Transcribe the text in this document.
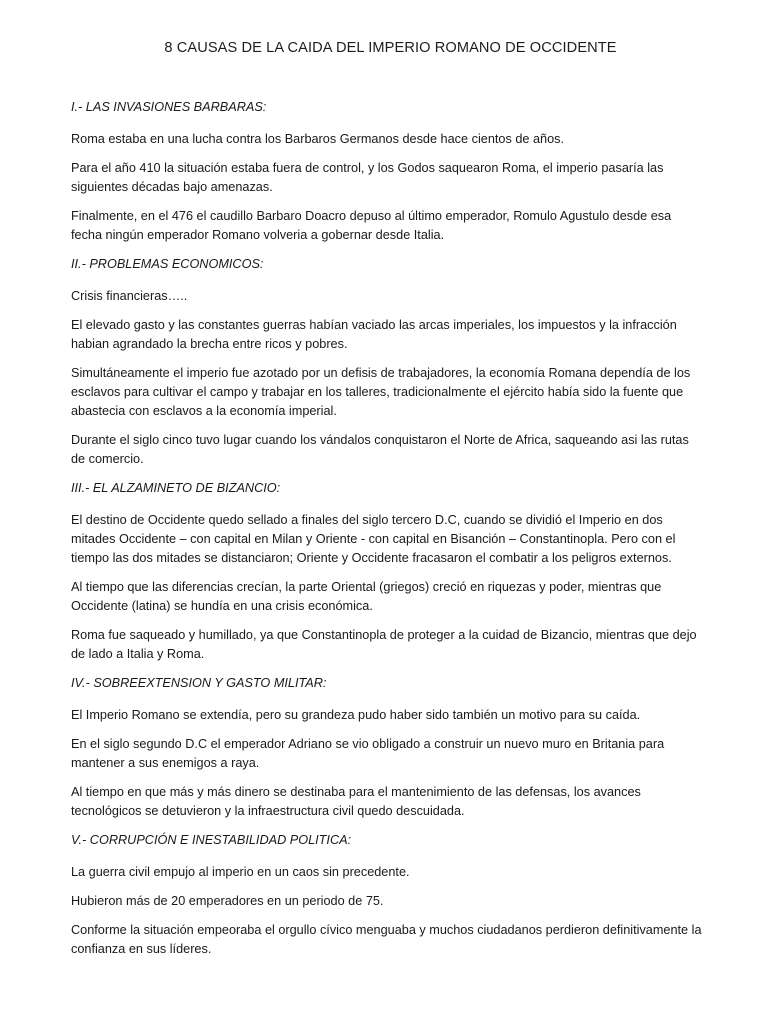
8 CAUSAS DE LA CAIDA DEL IMPERIO ROMANO DE OCCIDENTE

I.- LAS INVASIONES BARBARAS:

Roma estaba en una lucha contra los Barbaros Germanos desde hace cientos de años.

Para el año 410 la situación estaba fuera de control, y los Godos saquearon Roma, el imperio pasaría las siguientes décadas bajo amenazas.

Finalmente, en el 476 el caudillo Barbaro Doacro depuso al último emperador, Romulo Agustulo desde esa fecha ningún emperador Romano volveria a gobernar desde Italia.

II.- PROBLEMAS ECONOMICOS:

Crisis financieras…..

El elevado gasto y las constantes guerras habían vaciado las arcas imperiales, los impuestos y la infracción habian agrandado la brecha entre ricos y pobres.

Simultáneamente el imperio fue azotado por un defisis de trabajadores, la economía Romana dependía de los esclavos para cultivar el campo y trabajar en los talleres, tradicionalmente el ejército había sido la fuente que abastecia con esclavos a la economía imperial.

Durante el siglo cinco tuvo lugar cuando los vándalos conquistaron el Norte de Africa, saqueando asi las rutas de comercio.

III.- EL ALZAMINETO DE BIZANCIO:

El destino de Occidente quedo sellado a finales del siglo tercero D.C, cuando se dividió el Imperio en dos mitades Occidente – con capital en Milan y Oriente - con capital en Bisanción – Constantinopla. Pero con el tiempo las dos mitades se distanciaron; Oriente y Occidente fracasaron el combatir a los peligros externos.

Al tiempo que las diferencias crecían, la parte Oriental (griegos) creció en riquezas y poder, mientras que Occidente (latina) se hundía en una crisis económica.

Roma fue saqueado y humillado, ya que Constantinopla de proteger a la cuidad de Bizancio, mientras que dejo de lado a Italia y Roma.

IV.- SOBREEXTENSION Y GASTO MILITAR:

El Imperio Romano se extendía, pero su grandeza pudo haber sido también un motivo para su caída.

En el siglo segundo D.C el emperador Adriano se vio obligado a construir un nuevo muro en Britania para mantener a sus enemigos a raya.

Al tiempo en que más y más dinero se destinaba para el mantenimiento de las defensas, los avances tecnológicos se detuvieron y la infraestructura civil quedo descuidada.

V.- CORRUPCIÓN E INESTABILIDAD POLITICA:

La guerra civil empujo al imperio en un caos sin precedente.

Hubieron más de 20 emperadores en un periodo de 75.

Conforme la situación empeoraba el orgullo cívico menguaba y muchos ciudadanos perdieron definitivamente la confianza en sus líderes.
